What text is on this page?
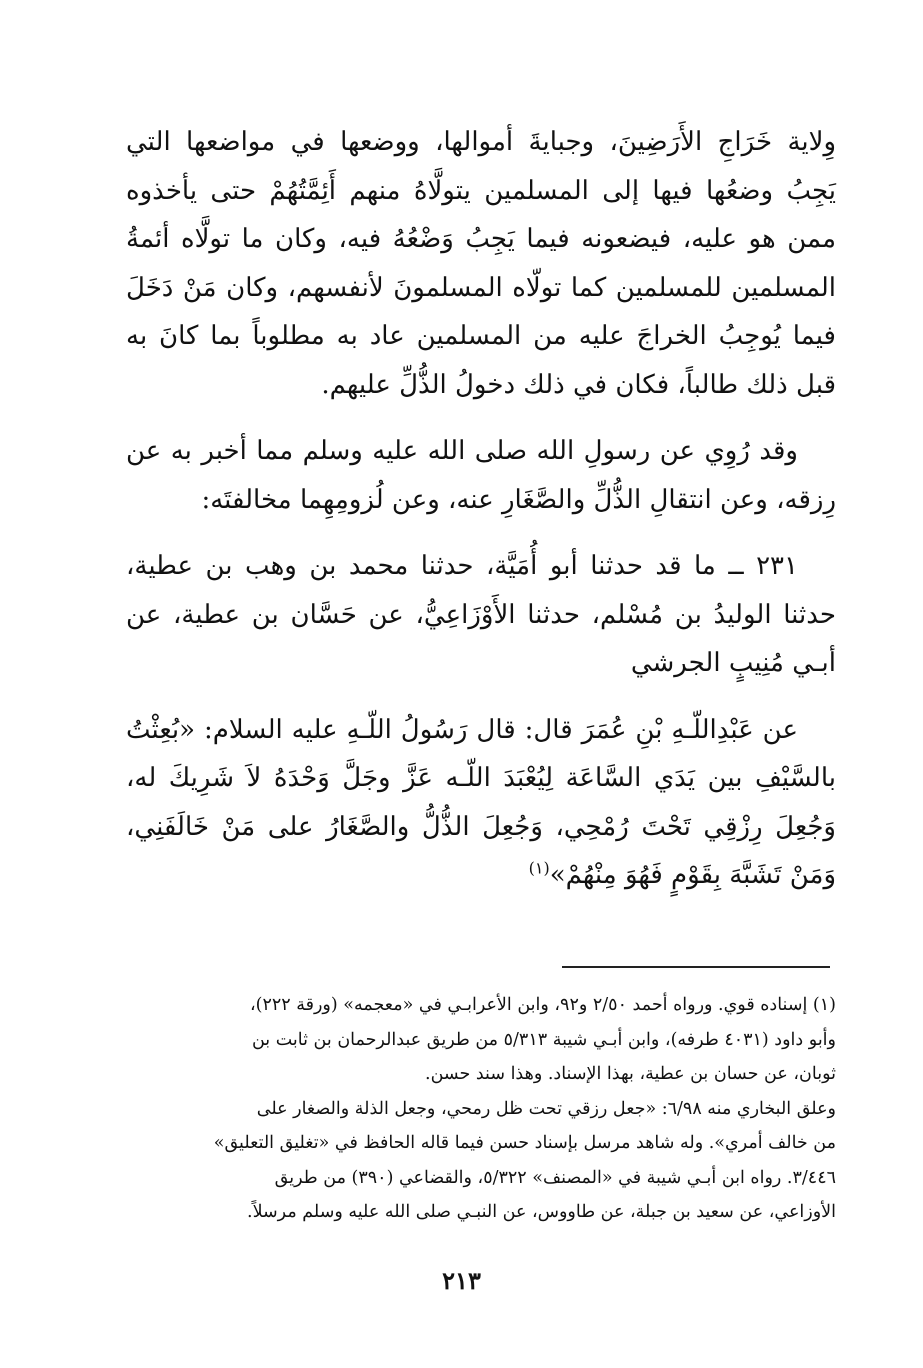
وِلاية خَرَاجِ الأَرَضِينَ، وجبايةَ أموالها، ووضعها في مواضعها التي يَجِبُ وضعُها فيها إلى المسلمين يتولَّاهُ منهم أَئِمَّتُهُمْ حتى يأخذوه ممن هو عليه، فيضعونه فيما يَجِبُ وَضْعُهُ فيه، وكان ما تولَّاه أئمةُ المسلمين للمسلمين كما تولّاه المسلمونَ لأنفسهم، وكان مَنْ دَخَلَ فيما يُوجِبُ الخراجَ عليه من المسلمين عاد به مطلوباً بما كانَ به قبل ذلك طالباً، فكان في ذلك دخولُ الذُّلِّ عليهم.

وقد رُوِي عن رسولِ الله صلى الله عليه وسلم مما أخبر به عن رِزقه، وعن انتقالِ الذُّلِّ والصَّغَارِ عنه، وعن لُزومِهِما مخالفتَه:

٢٣١ ــ ما قد حدثنا أبو أُمَيَّة، حدثنا محمد بن وهب بن عطية، حدثنا الوليدُ بن مُسْلم، حدثنا الأَوْزَاعِيُّ، عن حَسَّان بن عطية، عن أبـي مُنِيبٍ الجرشي

عن عَبْدِاللّـهِ بْنِ عُمَرَ قال: قال رَسُولُ اللّـهِ عليه السلام: «بُعِثْتُ بالسَّيْفِ بين يَدَي السَّاعَة لِيُعْبَدَ اللّـه عَزَّ وجَلَّ وَحْدَهُ لاَ شَرِيكَ له، وَجُعِلَ رِزْقِي تَحْتَ رُمْحِي، وَجُعِلَ الذُّلُّ والصَّغَارُ على مَنْ خَالَفَنِي، وَمَنْ تَشَبَّهَ بِقَوْمٍ فَهُوَ مِنْهُمْ»$^{(١)}$

(١) إسناده قوي. ورواه أحمد ٢/٥٠ و٩٢، وابن الأعرابـي في «معجمه» (ورقة ٢٢٢)،

وأبو داود (٤٠٣١ طرفه)، وابن أبـي شيبة ٥/٣١٣ من طريق عبدالرحمان بن ثابت بن

ثوبان، عن حسان بن عطية، بهذا الإسناد. وهذا سند حسن.

وعلق البخاري منه ٦/٩٨: «جعل رزقي تحت ظل رمحي، وجعل الذلة والصغار على

من خالف أمري». وله شاهد مرسل بإسناد حسن فيما قاله الحافظ في «تغليق التعليق»

٣/٤٤٦. رواه ابن أبـي شيبة في «المصنف» ٥/٣٢٢، والقضاعي (٣٩٠) من طريق

الأوزاعي، عن سعيد بن جبلة، عن طاووس، عن النبـي صلى الله عليه وسلم مرسلاً.

٢١٣
